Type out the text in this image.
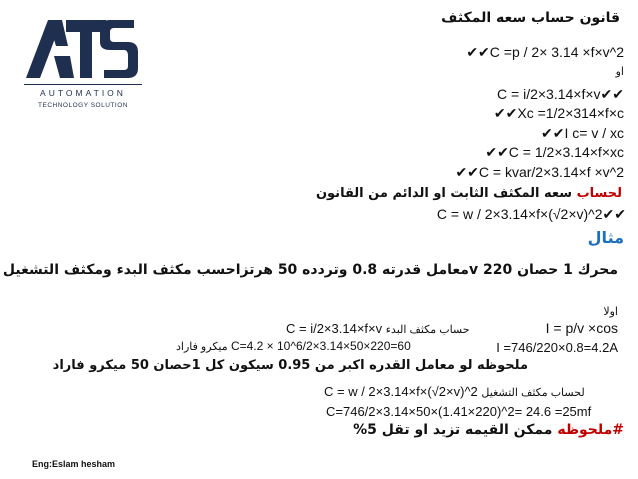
AUTOMATION
TECHNOLOGY SOLUTION
قانون حساب سعه المكثف
✔✔C =p / 2× 3.14 ×f×v^2
او
C = i/2×3.14×f×v✔✔
✔✔Xc =1/2×314×f×c
✔✔I c= v / xc
✔✔C = 1/2×3.14×f×xc
✔✔C = kvar/2×3.14×f ×v^2
لحساب سعه المكثف الثابت او الدائم من القانون
C = w / 2×3.14×f×(√2×v)^2✔✔
مثال
محرك 1 حصان 220 vمعامل قدرته 0.8 وتردده 50 هرتزاحسب مكثف البدء ومكثف التشغيل
اولا
I = p/v ×cos
I =746/220×0.8=4.2A
C = i/2×3.14×f×v حساب مكثف البدء
ميكرو فاراد C=4.2 × 10^6/2×3.14×50×220=60
ملحوظه لو معامل القدره اكبر من 0.95 سيكون كل 1حصان 50 ميكرو فاراد
C = w / 2×3.14×f×(√2×v)^2 لحساب مكثف التشغيل
C=746/2×3.14×50×(1.41×220)^2= 24.6 =25mf
#ملحوظه ممكن القيمه تزيد او تقل 5%
Eng:Eslam hesham
